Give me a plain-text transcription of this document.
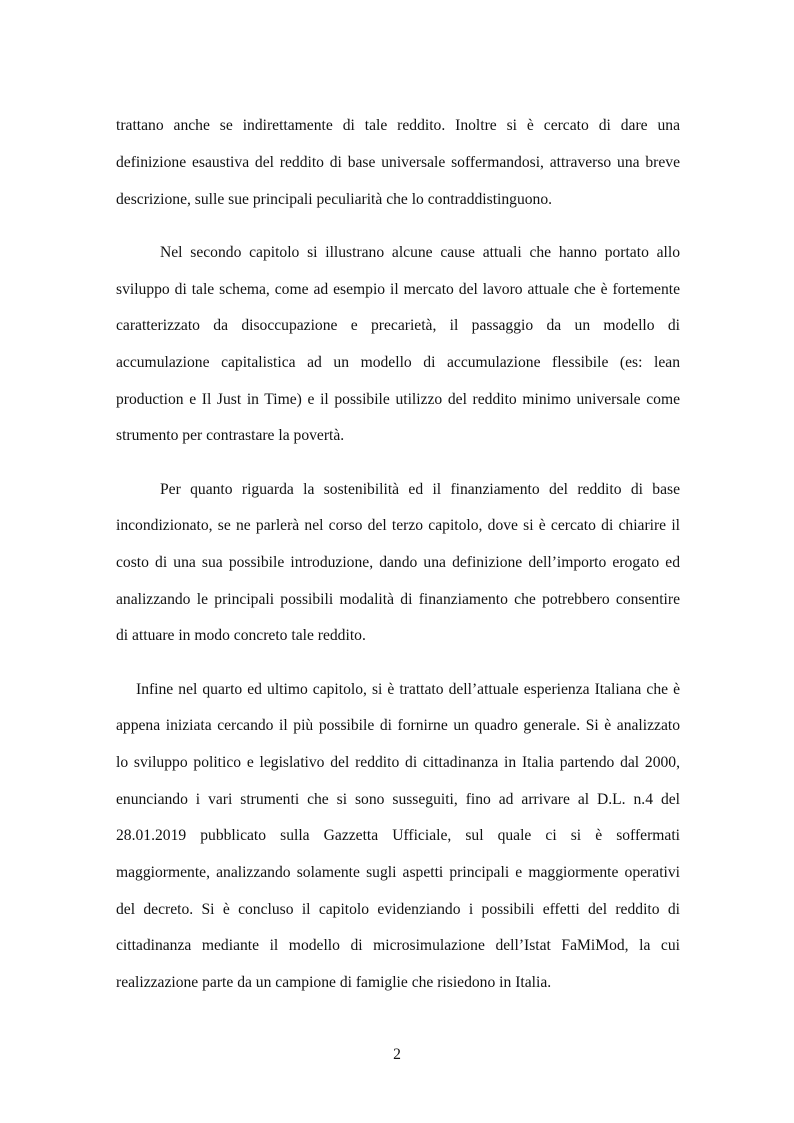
trattano anche se indirettamente di tale reddito. Inoltre si è cercato di dare una
definizione esaustiva del reddito di base universale soffermandosi, attraverso una breve
descrizione, sulle sue principali peculiarità che lo contraddistinguono.
Nel secondo capitolo si illustrano alcune cause attuali che hanno portato allo
sviluppo di tale schema, come ad esempio il mercato del lavoro attuale che è fortemente
caratterizzato da disoccupazione e precarietà, il passaggio da un modello di
accumulazione capitalistica ad un modello di accumulazione flessibile (es: lean
production e Il Just in Time) e il possibile utilizzo del reddito minimo universale come
strumento per contrastare la povertà.
Per quanto riguarda la sostenibilità ed il finanziamento del reddito di base
incondizionato, se ne parlerà nel corso del terzo capitolo, dove si è cercato di chiarire il
costo di una sua possibile introduzione, dando una definizione dell’importo erogato ed
analizzando le principali possibili modalità di finanziamento che potrebbero consentire
di attuare in modo concreto tale reddito.
Infine nel quarto ed ultimo capitolo, si è trattato dell’attuale esperienza Italiana che è
appena iniziata cercando il più possibile di fornirne un quadro generale. Si è analizzato
lo sviluppo politico e legislativo del reddito di cittadinanza in Italia partendo dal 2000,
enunciando i vari strumenti che si sono susseguiti, fino ad arrivare al D.L. n.4 del
28.01.2019 pubblicato sulla Gazzetta Ufficiale, sul quale ci si è soffermati
maggiormente, analizzando solamente sugli aspetti principali e maggiormente operativi
del decreto. Si è concluso il capitolo evidenziando i possibili effetti del reddito di
cittadinanza mediante il modello di microsimulazione dell’Istat FaMiMod, la cui
realizzazione parte da un campione di famiglie che risiedono in Italia.
2
